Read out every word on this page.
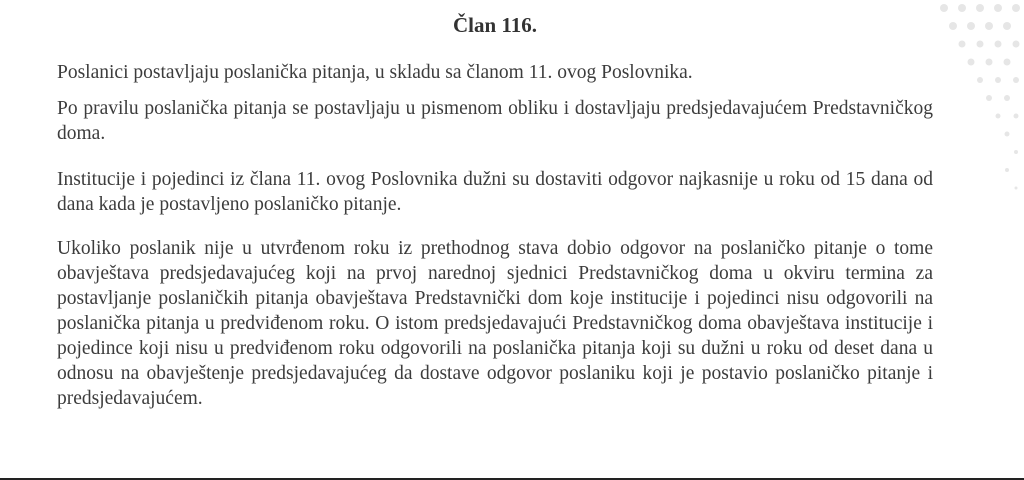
Član 116.

Poslanici postavljaju poslanička pitanja, u skladu sa članom 11. ovog Poslovnika.

Po pravilu poslanička pitanja se postavljaju u pismenom obliku i dostavljaju predsjedavajućem Predstavničkog doma.

Institucije i pojedinci iz člana 11. ovog Poslovnika dužni su dostaviti odgovor najkasnije u roku od 15 dana od dana kada je postavljeno poslaničko pitanje.

Ukoliko poslanik nije u utvrđenom roku iz prethodnog stava dobio odgovor na poslaničko pitanje o tome obavještava predsjedavajućeg koji na prvoj narednoj sjednici Predstavničkog doma u okviru termina za postavljanje poslaničkih pitanja obavještava Predstavnički dom koje institucije i pojedinci nisu odgovorili na poslanička pitanja u predviđenom roku. O istom predsjedavajući Predstavničkog doma obavještava institucije i pojedince koji nisu u predviđenom roku odgovorili na poslanička pitanja koji su dužni u roku od deset dana u odnosu na obavještenje predsjedavajućeg da dostave odgovor poslaniku koji je postavio poslaničko pitanje i predsjedavajućem.
